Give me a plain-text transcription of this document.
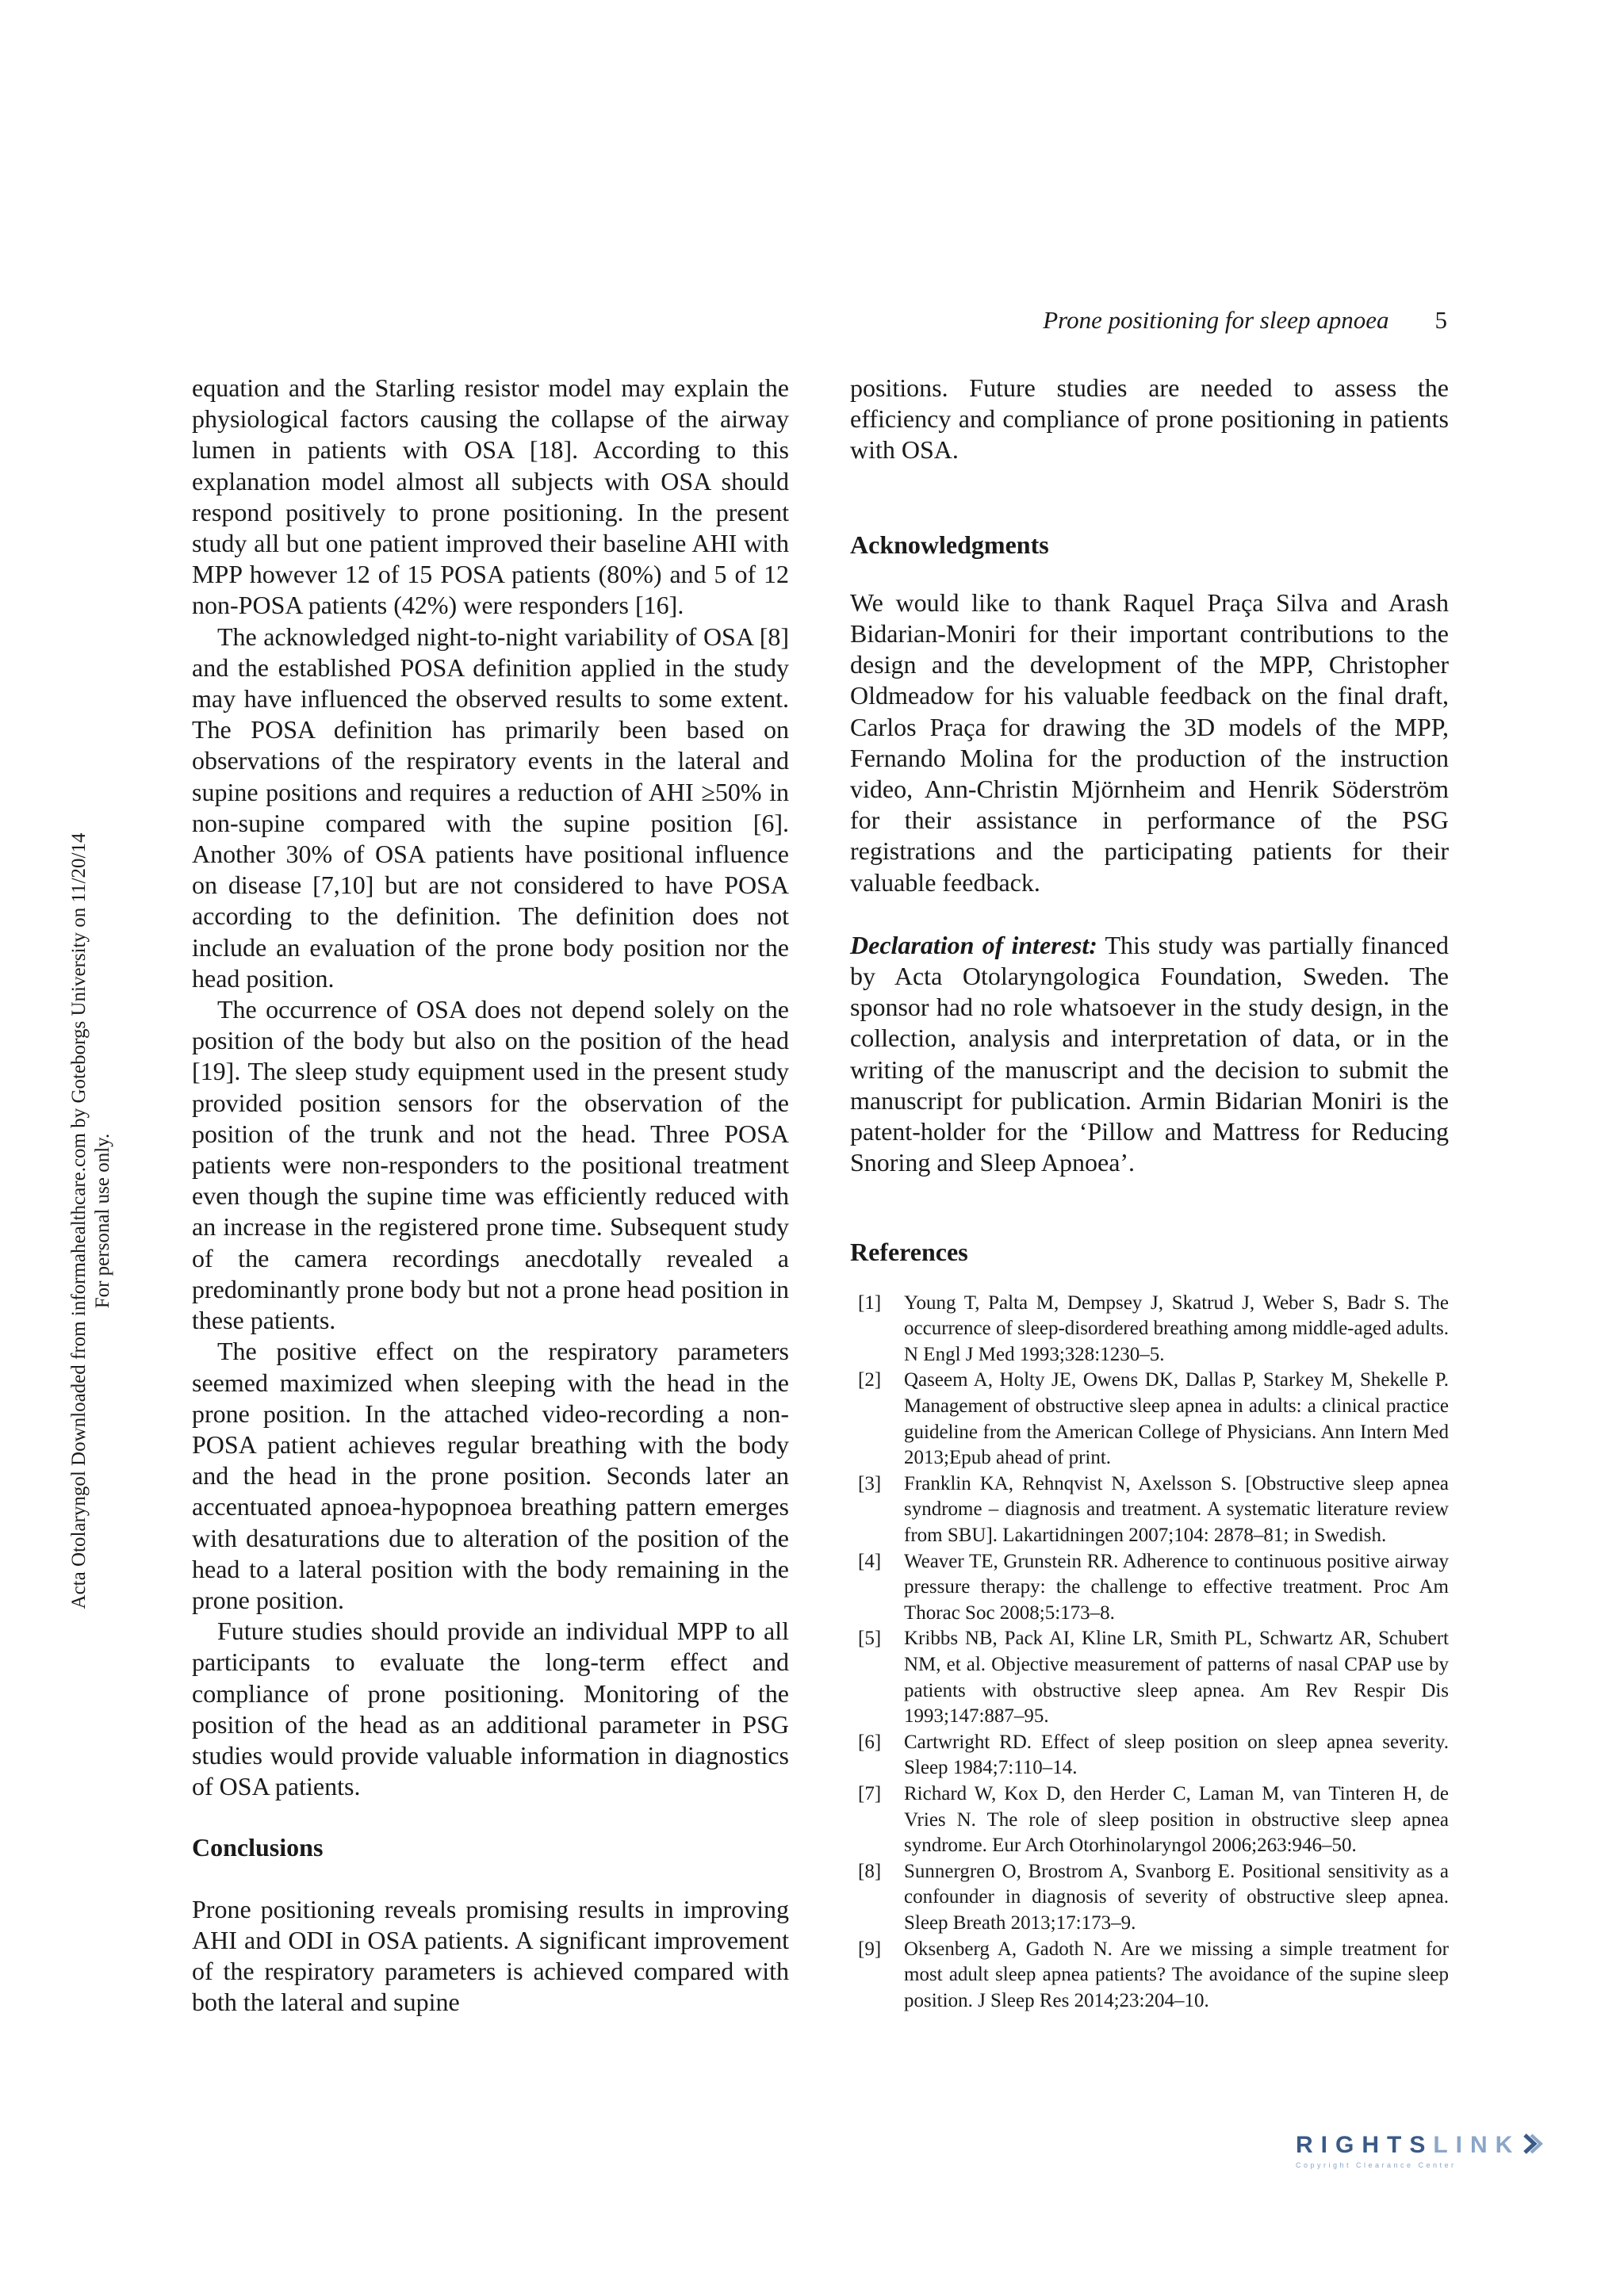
Prone positioning for sleep apnoea 5
Acta Otolaryngol Downloaded from informahealthcare.com by Goteborgs University on 11/20/14 For personal use only.

equation and the Starling resistor model may explain the physiological factors causing the collapse of the airway lumen in patients with OSA [18]. According to this explanation model almost all subjects with OSA should respond positively to prone positioning. In the present study all but one patient improved their baseline AHI with MPP however 12 of 15 POSA patients (80%) and 5 of 12 non-POSA patients (42%) were responders [16].

The acknowledged night-to-night variability of OSA [8] and the established POSA definition applied in the study may have influenced the observed results to some extent. The POSA definition has primarily been based on observations of the respiratory events in the lateral and supine positions and requires a reduction of AHI ≥50% in non-supine compared with the supine position [6]. Another 30% of OSA patients have positional influence on disease [7,10] but are not considered to have POSA according to the definition. The definition does not include an evaluation of the prone body position nor the head position.

The occurrence of OSA does not depend solely on the position of the body but also on the position of the head [19]. The sleep study equipment used in the present study provided position sensors for the observation of the position of the trunk and not the head. Three POSA patients were non-responders to the positional treatment even though the supine time was efficiently reduced with an increase in the registered prone time. Subsequent study of the camera recordings anecdotally revealed a predominantly prone body but not a prone head position in these patients.

The positive effect on the respiratory parameters seemed maximized when sleeping with the head in the prone position. In the attached video-recording a non-POSA patient achieves regular breathing with the body and the head in the prone position. Seconds later an accentuated apnoea-hypopnoea breathing pattern emerges with desaturations due to alteration of the position of the head to a lateral position with the body remaining in the prone position.

Future studies should provide an individual MPP to all participants to evaluate the long-term effect and compliance of prone positioning. Monitoring of the position of the head as an additional parameter in PSG studies would provide valuable information in diagnostics of OSA patients.

Conclusions

Prone positioning reveals promising results in improving AHI and ODI in OSA patients. A significant improvement of the respiratory parameters is achieved compared with both the lateral and supine

positions. Future studies are needed to assess the efficiency and compliance of prone positioning in patients with OSA.

Acknowledgments

We would like to thank Raquel Praça Silva and Arash Bidarian-Moniri for their important contributions to the design and the development of the MPP, Christopher Oldmeadow for his valuable feedback on the final draft, Carlos Praça for drawing the 3D models of the MPP, Fernando Molina for the production of the instruction video, Ann-Christin Mjörnheim and Henrik Söderström for their assistance in performance of the PSG registrations and the participating patients for their valuable feedback.

Declaration of interest: This study was partially financed by Acta Otolaryngologica Foundation, Sweden. The sponsor had no role whatsoever in the study design, in the collection, analysis and interpretation of data, or in the writing of the manuscript and the decision to submit the manuscript for publication. Armin Bidarian Moniri is the patent-holder for the ‘Pillow and Mattress for Reducing Snoring and Sleep Apnoea’.

References
[1] Young T, Palta M, Dempsey J, Skatrud J, Weber S, Badr S. The occurrence of sleep-disordered breathing among middle-aged adults. N Engl J Med 1993;328:1230–5.
[2] Qaseem A, Holty JE, Owens DK, Dallas P, Starkey M, Shekelle P. Management of obstructive sleep apnea in adults: a clinical practice guideline from the American College of Physicians. Ann Intern Med 2013;Epub ahead of print.
[3] Franklin KA, Rehnqvist N, Axelsson S. [Obstructive sleep apnea syndrome – diagnosis and treatment. A systematic literature review from SBU]. Lakartidningen 2007;104: 2878–81; in Swedish.
[4] Weaver TE, Grunstein RR. Adherence to continuous positive airway pressure therapy: the challenge to effective treatment. Proc Am Thorac Soc 2008;5:173–8.
[5] Kribbs NB, Pack AI, Kline LR, Smith PL, Schwartz AR, Schubert NM, et al. Objective measurement of patterns of nasal CPAP use by patients with obstructive sleep apnea. Am Rev Respir Dis 1993;147:887–95.
[6] Cartwright RD. Effect of sleep position on sleep apnea severity. Sleep 1984;7:110–14.
[7] Richard W, Kox D, den Herder C, Laman M, van Tinteren H, de Vries N. The role of sleep position in obstructive sleep apnea syndrome. Eur Arch Otorhinolaryngol 2006;263:946–50.
[8] Sunnergren O, Brostrom A, Svanborg E. Positional sensitivity as a confounder in diagnosis of severity of obstructive sleep apnea. Sleep Breath 2013;17:173–9.
[9] Oksenberg A, Gadoth N. Are we missing a simple treatment for most adult sleep apnea patients? The avoidance of the supine sleep position. J Sleep Res 2014;23:204–10.
RIGHTSLINK
Copyright Clearance Center
